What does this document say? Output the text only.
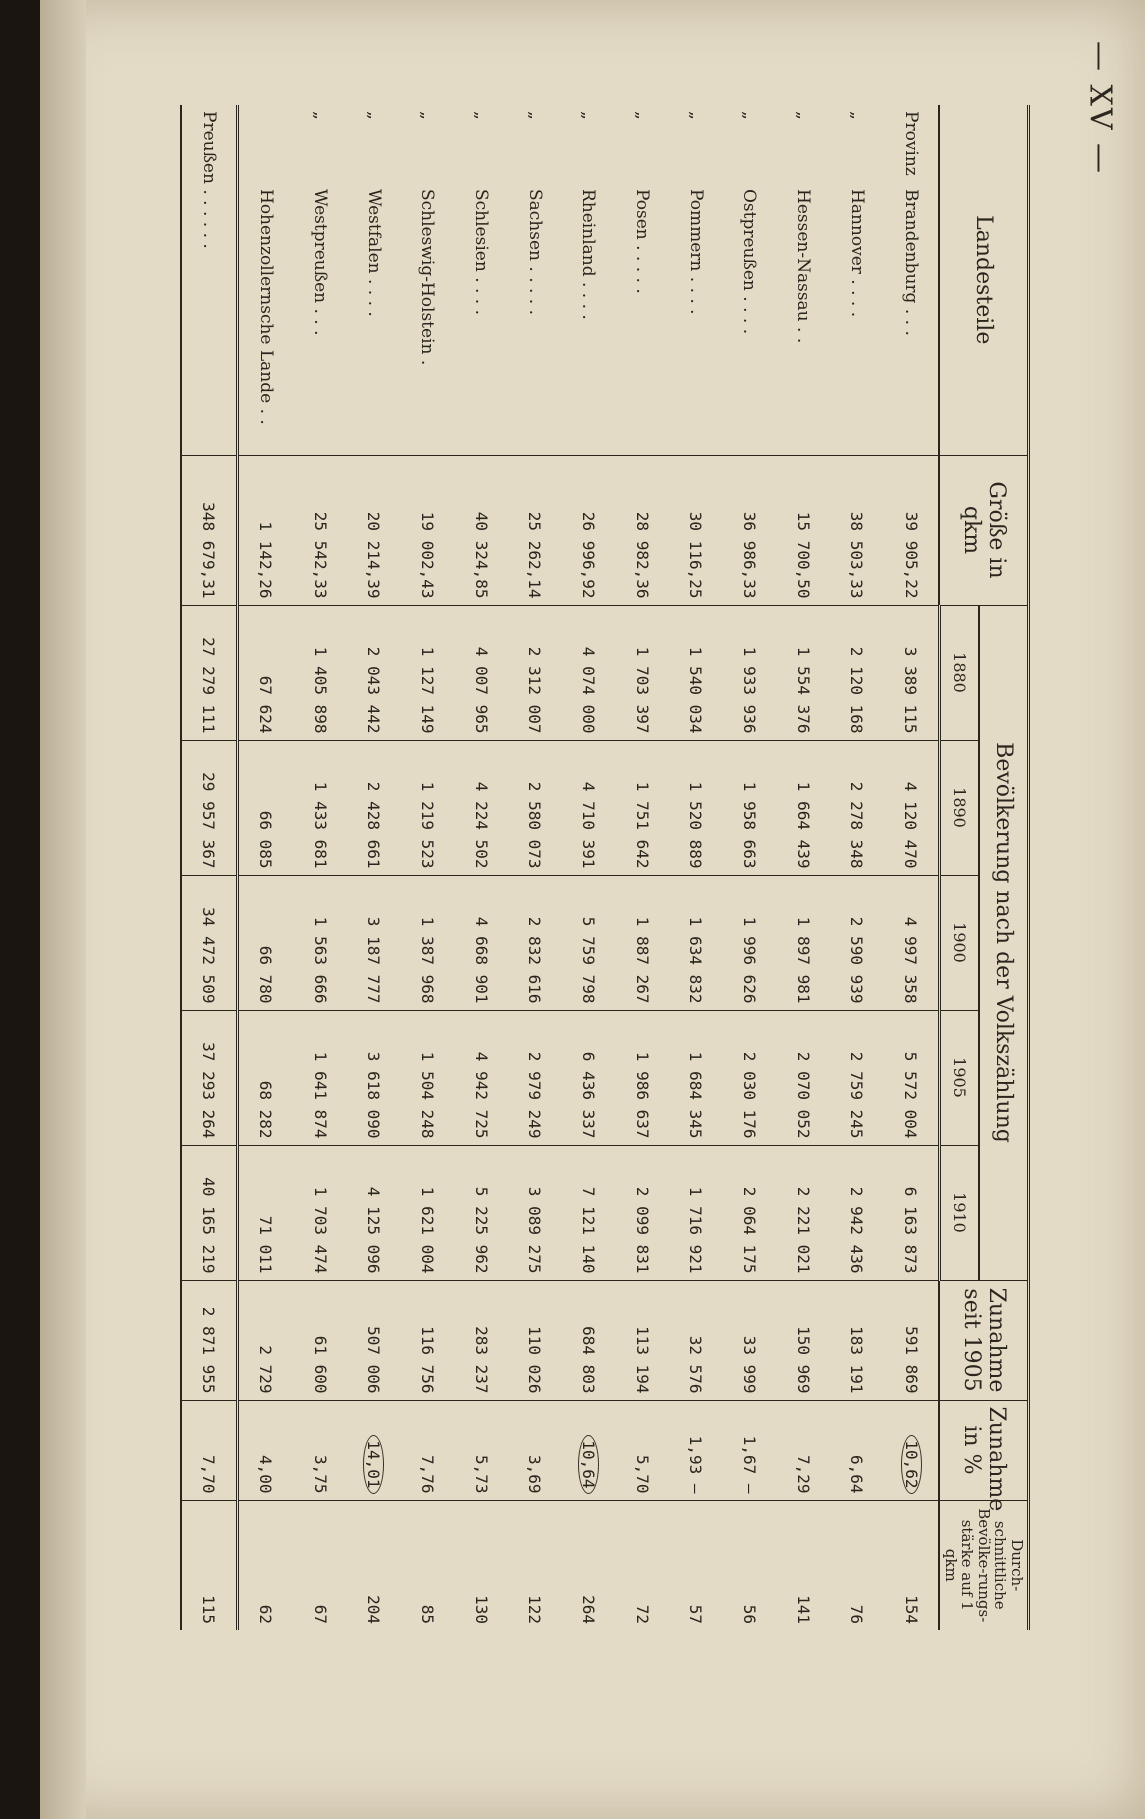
— XV —
Landesteile	Größe in qkm	Bevölkerung nach der Volkszählung					Zunahme seit 1905	Zunahme in %	Durch-schnittliche Bevölke-rungs-stärke auf 1 qkm
		1880	1890	1900	1905	1910			
ProvinzBrandenburg . . .	39 905,22	3 389 115	4 120 470	4 997 358	5 572 004	6 163 873	591 869	10,62	154
„Hannover . . . .	38 503,33	2 120 168	2 278 348	2 590 939	2 759 245	2 942 436	183 191	6,64	76
„Hessen-Nassau . .	15 700,50	1 554 376	1 664 439	1 897 981	2 070 052	2 221 021	150 969	7,29	141
„Ostpreußen . . . .	36 986,33	1 933 936	1 958 663	1 996 626	2 030 176	2 064 175	33 999	1,67 —	56
„Pommern . . . .	30 116,25	1 540 034	1 520 889	1 634 832	1 684 345	1 716 921	32 576	1,93 —	57
„Posen . . . . .	28 982,36	1 703 397	1 751 642	1 887 267	1 986 637	2 099 831	113 194	5,70	72
„Rheinland . . . .	26 996,92	4 074 000	4 710 391	5 759 798	6 436 337	7 121 140	684 803	10,64	264
„Sachsen . . . . .	25 262,14	2 312 007	2 580 073	2 832 616	2 979 249	3 089 275	110 026	3,69	122
„Schlesien . . . .	40 324,85	4 007 965	4 224 502	4 668 901	4 942 725	5 225 962	283 237	5,73	130
„Schleswig-Holstein .	19 002,43	1 127 149	1 219 523	1 387 968	1 504 248	1 621 004	116 756	7,76	85
„Westfalen . . . .	20 214,39	2 043 442	2 428 661	3 187 777	3 618 090	4 125 096	507 006	14,01	204
„Westpreußen . . .	25 542,33	1 405 898	1 433 681	1 563 666	1 641 874	1 703 474	61 600	3,75	67
Hohenzollernsche Lande . .	1 142,26	67 624	66 085	66 780	68 282	71 011	2 729	4,00	62
Preußen . . . . . .	348 679,31	27 279 111	29 957 367	34 472 509	37 293 264	40 165 219	2 871 955	7,70	115
